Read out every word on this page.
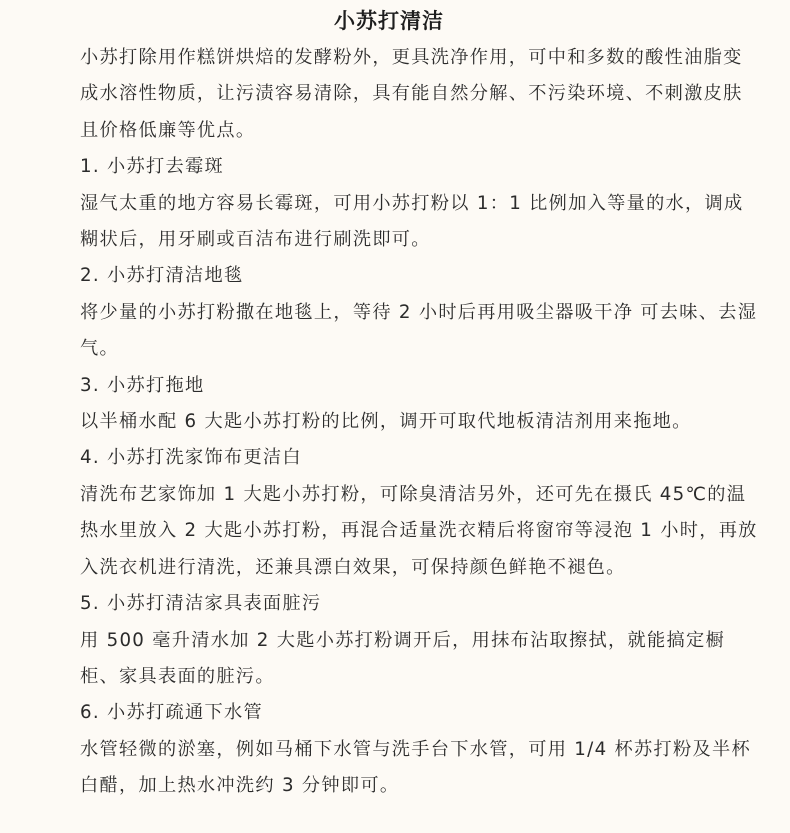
小苏打清洁

小苏打除用作糕饼烘焙的发酵粉外，更具洗净作用，可中和多数的酸性油脂变成水溶性物质，让污渍容易清除，具有能自然分解、不污染环境、不刺激皮肤且价格低廉等优点。

1. 小苏打去霉斑

湿气太重的地方容易长霉斑，可用小苏打粉以 1：1 比例加入等量的水，调成糊状后，用牙刷或百洁布进行刷洗即可。

2. 小苏打清洁地毯

将少量的小苏打粉撒在地毯上，等待 2 小时后再用吸尘器吸干净 可去味、去湿气。

3. 小苏打拖地

以半桶水配 6 大匙小苏打粉的比例，调开可取代地板清洁剂用来拖地。

4. 小苏打洗家饰布更洁白

清洗布艺家饰加 1 大匙小苏打粉，可除臭清洁另外，还可先在摄氏 45℃的温热水里放入 2 大匙小苏打粉，再混合适量洗衣精后将窗帘等浸泡 1 小时，再放入洗衣机进行清洗，还兼具漂白效果，可保持颜色鲜艳不褪色。

5. 小苏打清洁家具表面脏污

用 500 毫升清水加 2 大匙小苏打粉调开后，用抹布沾取擦拭，就能搞定橱柜、家具表面的脏污。

6. 小苏打疏通下水管

水管轻微的淤塞，例如马桶下水管与洗手台下水管，可用 1/4 杯苏打粉及半杯白醋，加上热水冲洗约 3 分钟即可。
